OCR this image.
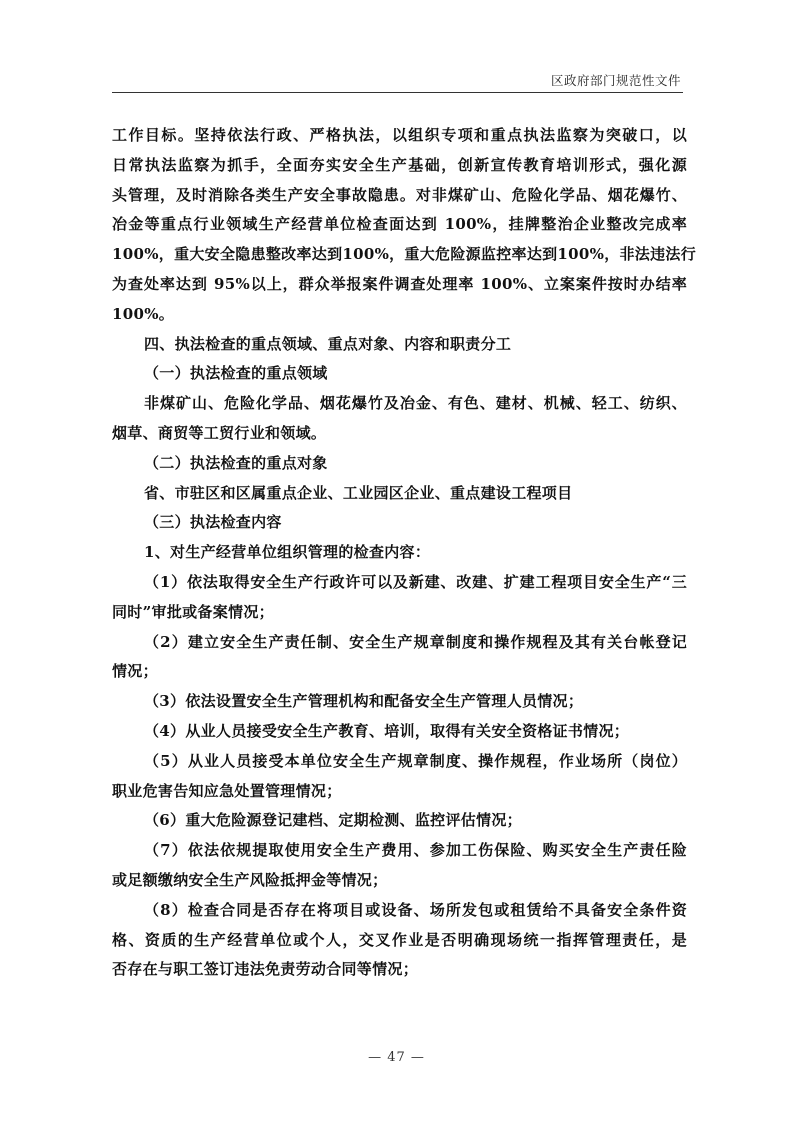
区政府部门规范性文件
工作目标。坚持依法行政、严格执法，以组织专项和重点执法监察为突破口，以
日常执法监察为抓手，全面夯实安全生产基础，创新宣传教育培训形式，强化源
头管理，及时消除各类生产安全事故隐患。对非煤矿山、危险化学品、烟花爆竹、
冶金等重点行业领域生产经营单位检查面达到 100%，挂牌整治企业整改完成率
100%，重大安全隐患整改率达到100%，重大危险源监控率达到100%，非法违法行
为查处率达到 95%以上，群众举报案件调查处理率 100%、立案案件按时办结率
100%。
四、执法检查的重点领域、重点对象、内容和职责分工
（一）执法检查的重点领域
非煤矿山、危险化学品、烟花爆竹及冶金、有色、建材、机械、轻工、纺织、
烟草、商贸等工贸行业和领域。
（二）执法检查的重点对象
省、市驻区和区属重点企业、工业园区企业、重点建设工程项目
（三）执法检查内容
1、对生产经营单位组织管理的检查内容：
（1）依法取得安全生产行政许可以及新建、改建、扩建工程项目安全生产“三
同时”审批或备案情况；
（2）建立安全生产责任制、安全生产规章制度和操作规程及其有关台帐登记
情况；
（3）依法设置安全生产管理机构和配备安全生产管理人员情况；
（4）从业人员接受安全生产教育、培训，取得有关安全资格证书情况；
（5）从业人员接受本单位安全生产规章制度、操作规程，作业场所（岗位）
职业危害告知应急处置管理情况；
（6）重大危险源登记建档、定期检测、监控评估情况；
（7）依法依规提取使用安全生产费用、参加工伤保险、购买安全生产责任险
或足额缴纳安全生产风险抵押金等情况；
（8）检查合同是否存在将项目或设备、场所发包或租赁给不具备安全条件资
格、资质的生产经营单位或个人，交叉作业是否明确现场统一指挥管理责任，是
否存在与职工签订违法免责劳动合同等情况；
— 47 —
